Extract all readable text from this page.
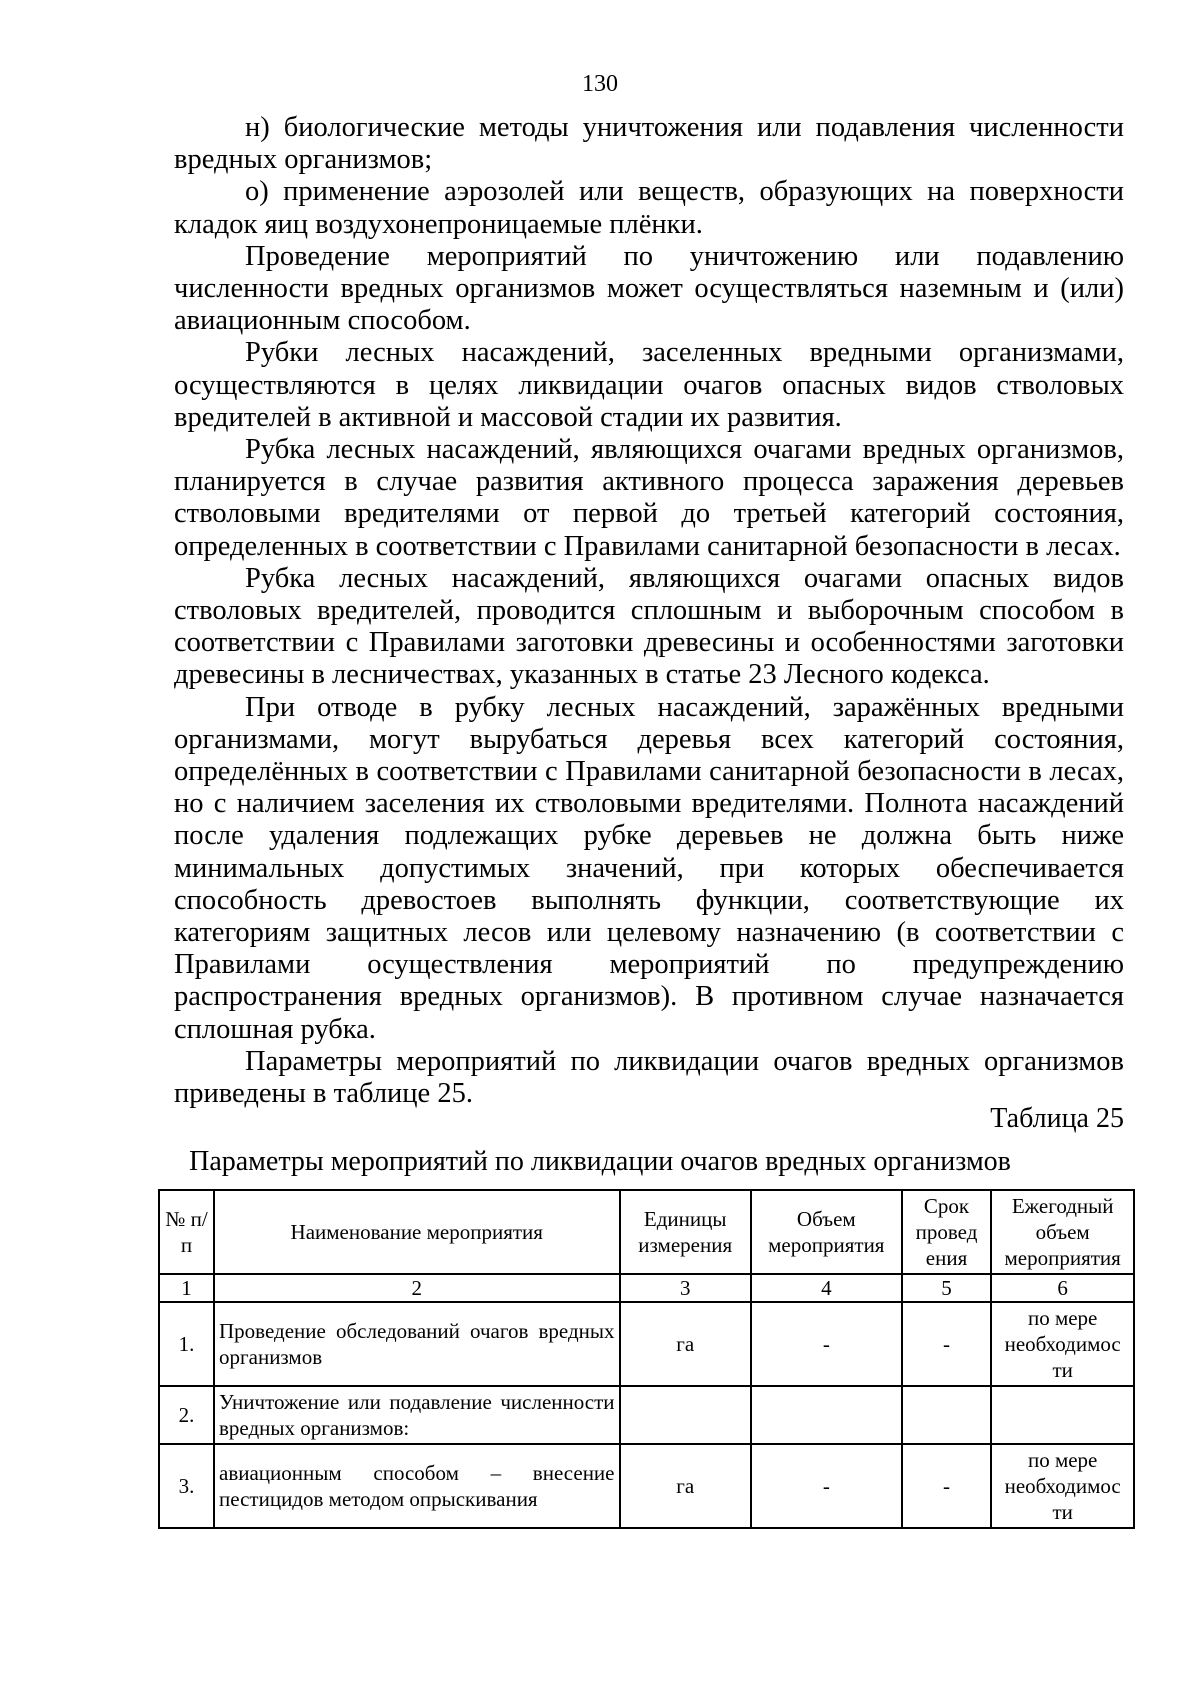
130

н) биологические методы уничтожения или подавления численности вредных организмов;

о) применение аэрозолей или веществ, образующих на поверхности кладок яиц воздухонепроницаемые плёнки.

Проведение мероприятий по уничтожению или подавлению численности вредных организмов может осуществляться наземным и (или) авиационным способом.

Рубки лесных насаждений, заселенных вредными организмами, осуществляются в целях ликвидации очагов опасных видов стволовых вредителей в активной и массовой стадии их развития.

Рубка лесных насаждений, являющихся очагами вредных организмов, планируется в случае развития активного процесса заражения деревьев стволовыми вредителями от первой до третьей категорий состояния, определенных в соответствии с Правилами санитарной безопасности в лесах.

Рубка лесных насаждений, являющихся очагами опасных видов стволовых вредителей, проводится сплошным и выборочным способом в соответствии с Правилами заготовки древесины и особенностями заготовки древесины в лесничествах, указанных в статье 23 Лесного кодекса.

При отводе в рубку лесных насаждений, заражённых вредными организмами, могут вырубаться деревья всех категорий состояния, определённых в соответствии с Правилами санитарной безопасности в лесах, но с наличием заселения их стволовыми вредителями. Полнота насаждений после удаления подлежащих рубке деревьев не должна быть ниже минимальных допустимых значений, при которых обеспечивается способность древостоев выполнять функции, соответствующие их категориям защитных лесов или целевому назначению (в соответствии с Правилами осуществления мероприятий по предупреждению распространения вредных организмов). В противном случае назначается сплошная рубка.

Параметры мероприятий по ликвидации очагов вредных организмов приведены в таблице 25.

Таблица 25
Параметры мероприятий по ликвидации очагов вредных организмов
№ п/п	Наименование мероприятия	Единицы измерения	Объем мероприятия	Срок провед ения	Ежегодный объем мероприятия
1	2	3	4	5	6
1.	Проведение обследований очагов вредных организмов	га	-	-	по мере необходимос ти
2.	Уничтожение или подавление численности вредных организмов:				
3.	авиационным способом – внесение пестицидов методом опрыскивания	га	-	-	по мере необходимос ти
